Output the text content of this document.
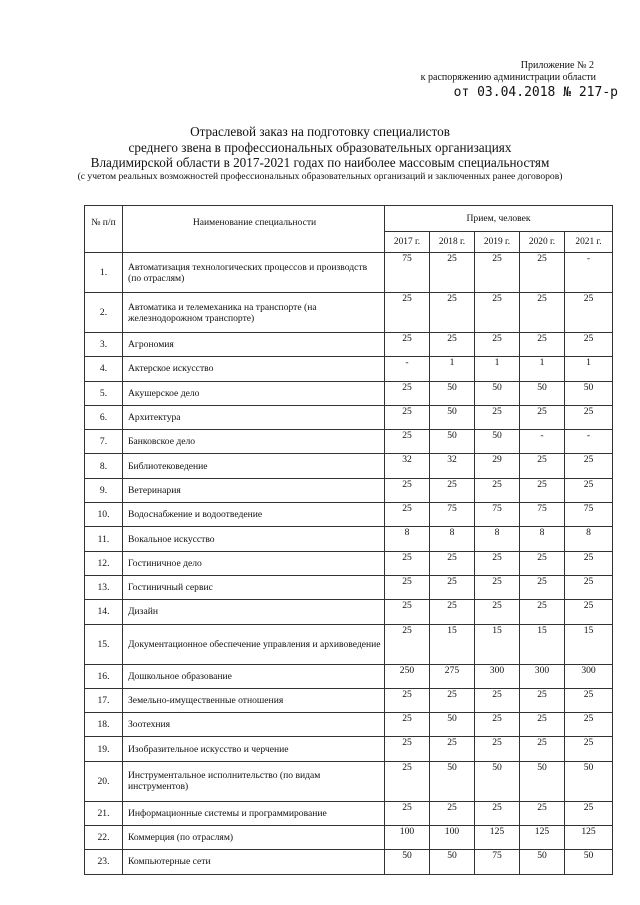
Приложение № 2
к распоряжению администрации области
от 03.04.2018 № 217-р
Отраслевой заказ на подготовку специалистов
среднего звена в профессиональных образовательных организациях
Владимирской области в 2017-2021 годах по наиболее массовым специальностям
(с учетом реальных возможностей профессиональных образовательных организаций и заключенных ранее договоров)
№ п/п	Наименование специальности	Прием, человек				
		2017 г.	2018 г.	2019 г.	2020 г.	2021 г.
1.	Автоматизация технологических процессов и производств (по отраслям)	75	25	25	25	-
2.	Автоматика и телемеханика на транспорте (на железнодорожном транспорте)	25	25	25	25	25
3.	Агрономия	25	25	25	25	25
4.	Актерское искусство	-	1	1	1	1
5.	Акушерское дело	25	50	50	50	50
6.	Архитектура	25	50	25	25	25
7.	Банковское дело	25	50	50	-	-
8.	Библиотековедение	32	32	29	25	25
9.	Ветеринария	25	25	25	25	25
10.	Водоснабжение и водоотведение	25	75	75	75	75
11.	Вокальное искусство	8	8	8	8	8
12.	Гостиничное дело	25	25	25	25	25
13.	Гостиничный сервис	25	25	25	25	25
14.	Дизайн	25	25	25	25	25
15.	Документационное обеспечение управления и архивоведение	25	15	15	15	15
16.	Дошкольное образование	250	275	300	300	300
17.	Земельно-имущественные отношения	25	25	25	25	25
18.	Зоотехния	25	50	25	25	25
19.	Изобразительное искусство и черчение	25	25	25	25	25
20.	Инструментальное исполнительство (по видам инструментов)	25	50	50	50	50
21.	Информационные системы и программирование	25	25	25	25	25
22.	Коммерция (по отраслям)	100	100	125	125	125
23.	Компьютерные сети	50	50	75	50	50
